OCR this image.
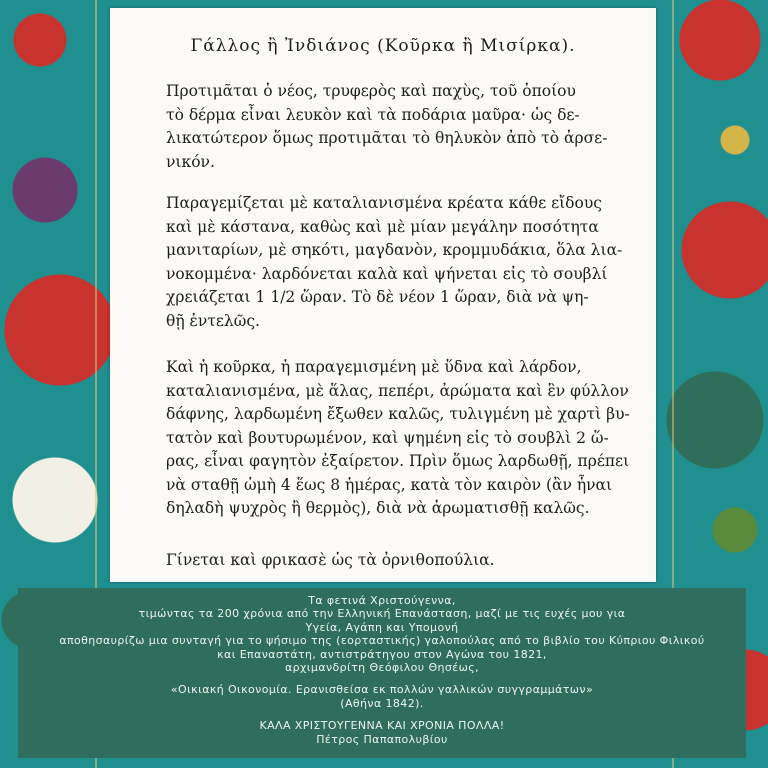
Γάλλος ἢ Ἰνδιάνος (Κοῦρκα ἢ Μισίρκα).
Προτιμᾶται ὁ νέος, τρυφερὸς καὶ παχὺς, τοῦ ὁποίου
τὸ δέρμα εἶναι λευκὸν καὶ τὰ ποδάρια μαῦρα· ὡς δε-
λικατώτερον ὅμως προτιμᾶται τὸ θηλυκὸν ἀπὸ τὸ ἀρσε-
νικόν.
Παραγεμίζεται μὲ καταλιανισμένα κρέατα κάθε εἴδους
καὶ μὲ κάστανα, καθὼς καὶ μὲ μίαν μεγάλην ποσότητα
μανιταρίων, μὲ σηκότι, μαγδανὸν, κρομμυδάκια, ὅλα λια-
νοκομμένα· λαρδόνεται καλὰ καὶ ψήνεται εἰς τὸ σουβλί
χρειάζεται 1 1/2 ὥραν. Τὸ δὲ νέον 1 ὥραν, διὰ νὰ ψη-
θῇ ἐντελῶς.
Καὶ ἡ κοῦρκα, ἡ παραγεμισμένη μὲ ὕδνα καὶ λάρδον,
καταλιανισμένα, μὲ ἅλας, πεπέρι, ἀρώματα καὶ ἓν φύλλον
δάφνης, λαρδωμένη ἔξωθεν καλῶς, τυλιγμένη μὲ χαρτὶ βυ-
τατὸν καὶ βουτυρωμένον, καὶ ψημένη εἰς τὸ σουβλὶ 2 ὥ-
ρας, εἶναι φαγητὸν ἐξαίρετον. Πρὶν ὅμως λαρδωθῇ, πρέπει
νὰ σταθῇ ὠμὴ 4 ἕως 8 ἡμέρας, κατὰ τὸν καιρὸν (ἂν ἦναι
δηλαδὴ ψυχρὸς ἢ θερμὸς), διὰ νὰ ἀρωματισθῇ καλῶς.
Γίνεται καὶ φρικασὲ ὡς τὰ ὀρνιθοπούλια.
Τα φετινά Χριστούγεννα,
τιμώντας τα 200 χρόνια από την Ελληνική Επανάσταση, μαζί με τις ευχές μου για
Υγεία, Αγάπη και Υπομονή
αποθησαυρίζω μια συνταγή για το ψήσιμο της (εορταστικής) γαλοπούλας από το βιβλίο του Κύπριου Φιλικού
και Επαναστάτη, αντιστράτηγου στον Αγώνα του 1821,
αρχιμανδρίτη Θεόφιλου Θησέως,
«Οικιακή Οικονομία. Ερανισθείσα εκ πολλών γαλλικών συγγραμμάτων»
(Αθήνα 1842).
ΚΑΛΑ ΧΡΙΣΤΟΥΓΕΝΝΑ ΚΑΙ ΧΡΟΝΙΑ ΠΟΛΛΑ!
Πέτρος Παπαπολυβίου
